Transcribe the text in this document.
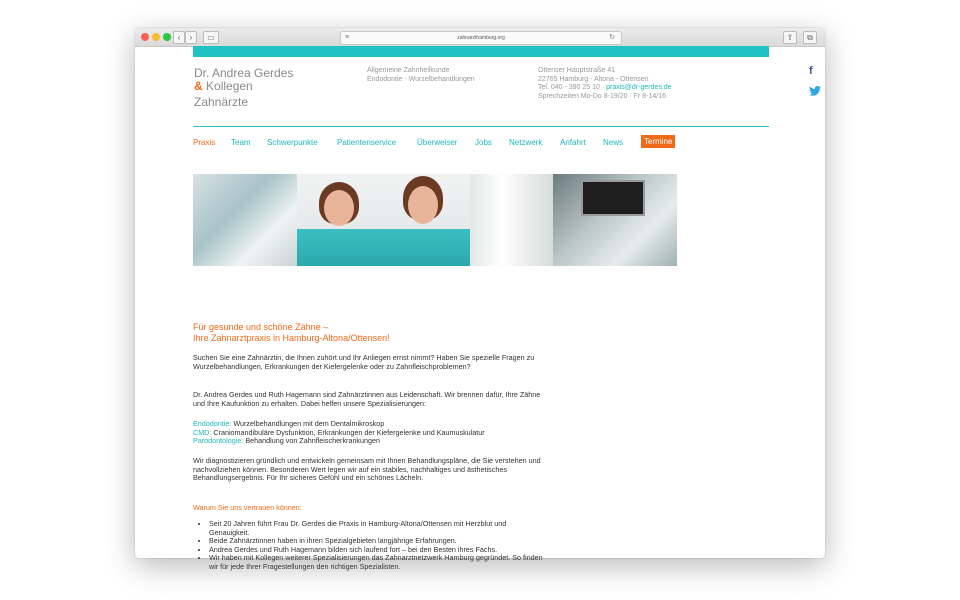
‹	›	▭	≡	zahnarzthamburg.org	↻	⇪	⧉
Dr. Andrea Gerdes
& Kollegen
Zahnärzte
Allgemeine Zahnheilkunde
Endodontie - Wurzelbehandlungen
Ottenser Hauptstraße 41
22765 Hamburg - Altona - Ottensen
Tel. 040 - 390 25 10 · praxis@dr-gerdes.de
Sprechzeiten Mo-Do 8-19/20 · Fr 8-14/16
Praxis Team Schwerpunkte Patientenservice	Überweiser Jobs Netzwerk Anfahrt News	Termine
Für gesunde und schöne Zähne –
Ihre Zahnarztpraxis in Hamburg-Altona/Ottensen!

Suchen Sie eine Zahnärztin, die Ihnen zuhört und Ihr Anliegen ernst nimmt? Haben Sie spezielle Fragen zu Wurzelbehandlungen, Erkrankungen der Kiefergelenke oder zu Zahnfleischproblemen?

Dr. Andrea Gerdes und Ruth Hagemann sind Zahnärztinnen aus Leidenschaft. Wir brennen dafür, Ihre Zähne und Ihre Kaufunktion zu erhalten. Dabei helfen unsere Spezialisierungen:

Endodontie: Wurzelbehandlungen mit dem Dentalmikroskop

CMD: Craniomandibuläre Dysfunktion, Erkrankungen der Kiefergelenke und Kaumuskulatur

Parodontologie: Behandlung von Zahnfleischerkrankungen

Wir diagnostizieren gründlich und entwickeln gemeinsam mit Ihnen Behandlungspläne, die Sie verstehen und nachvollziehen können. Besonderen Wert legen wir auf ein stabiles, nachhaltiges und ästhetisches Behandlungsergebnis. Für Ihr sicheres Gefühl und ein schönes Lächeln.

Warum Sie uns vertrauen können:

• Seit 20 Jahren führt Frau Dr. Gerdes die Praxis in Hamburg-Altona/Ottensen mit Herzblut und Genauigkeit.
• Beide Zahnärztinnen haben in ihren Spezialgebieten langjährige Erfahrungen.
• Andrea Gerdes und Ruth Hagemann bilden sich laufend fort – bei den Besten ihres Fachs.
• Wir haben mit Kollegen weiterer Spezialisierungen das Zahnarztnetzwerk Hamburg gegründet. So finden wir für jede Ihrer Fragestellungen den richtigen Spezialisten.
f
